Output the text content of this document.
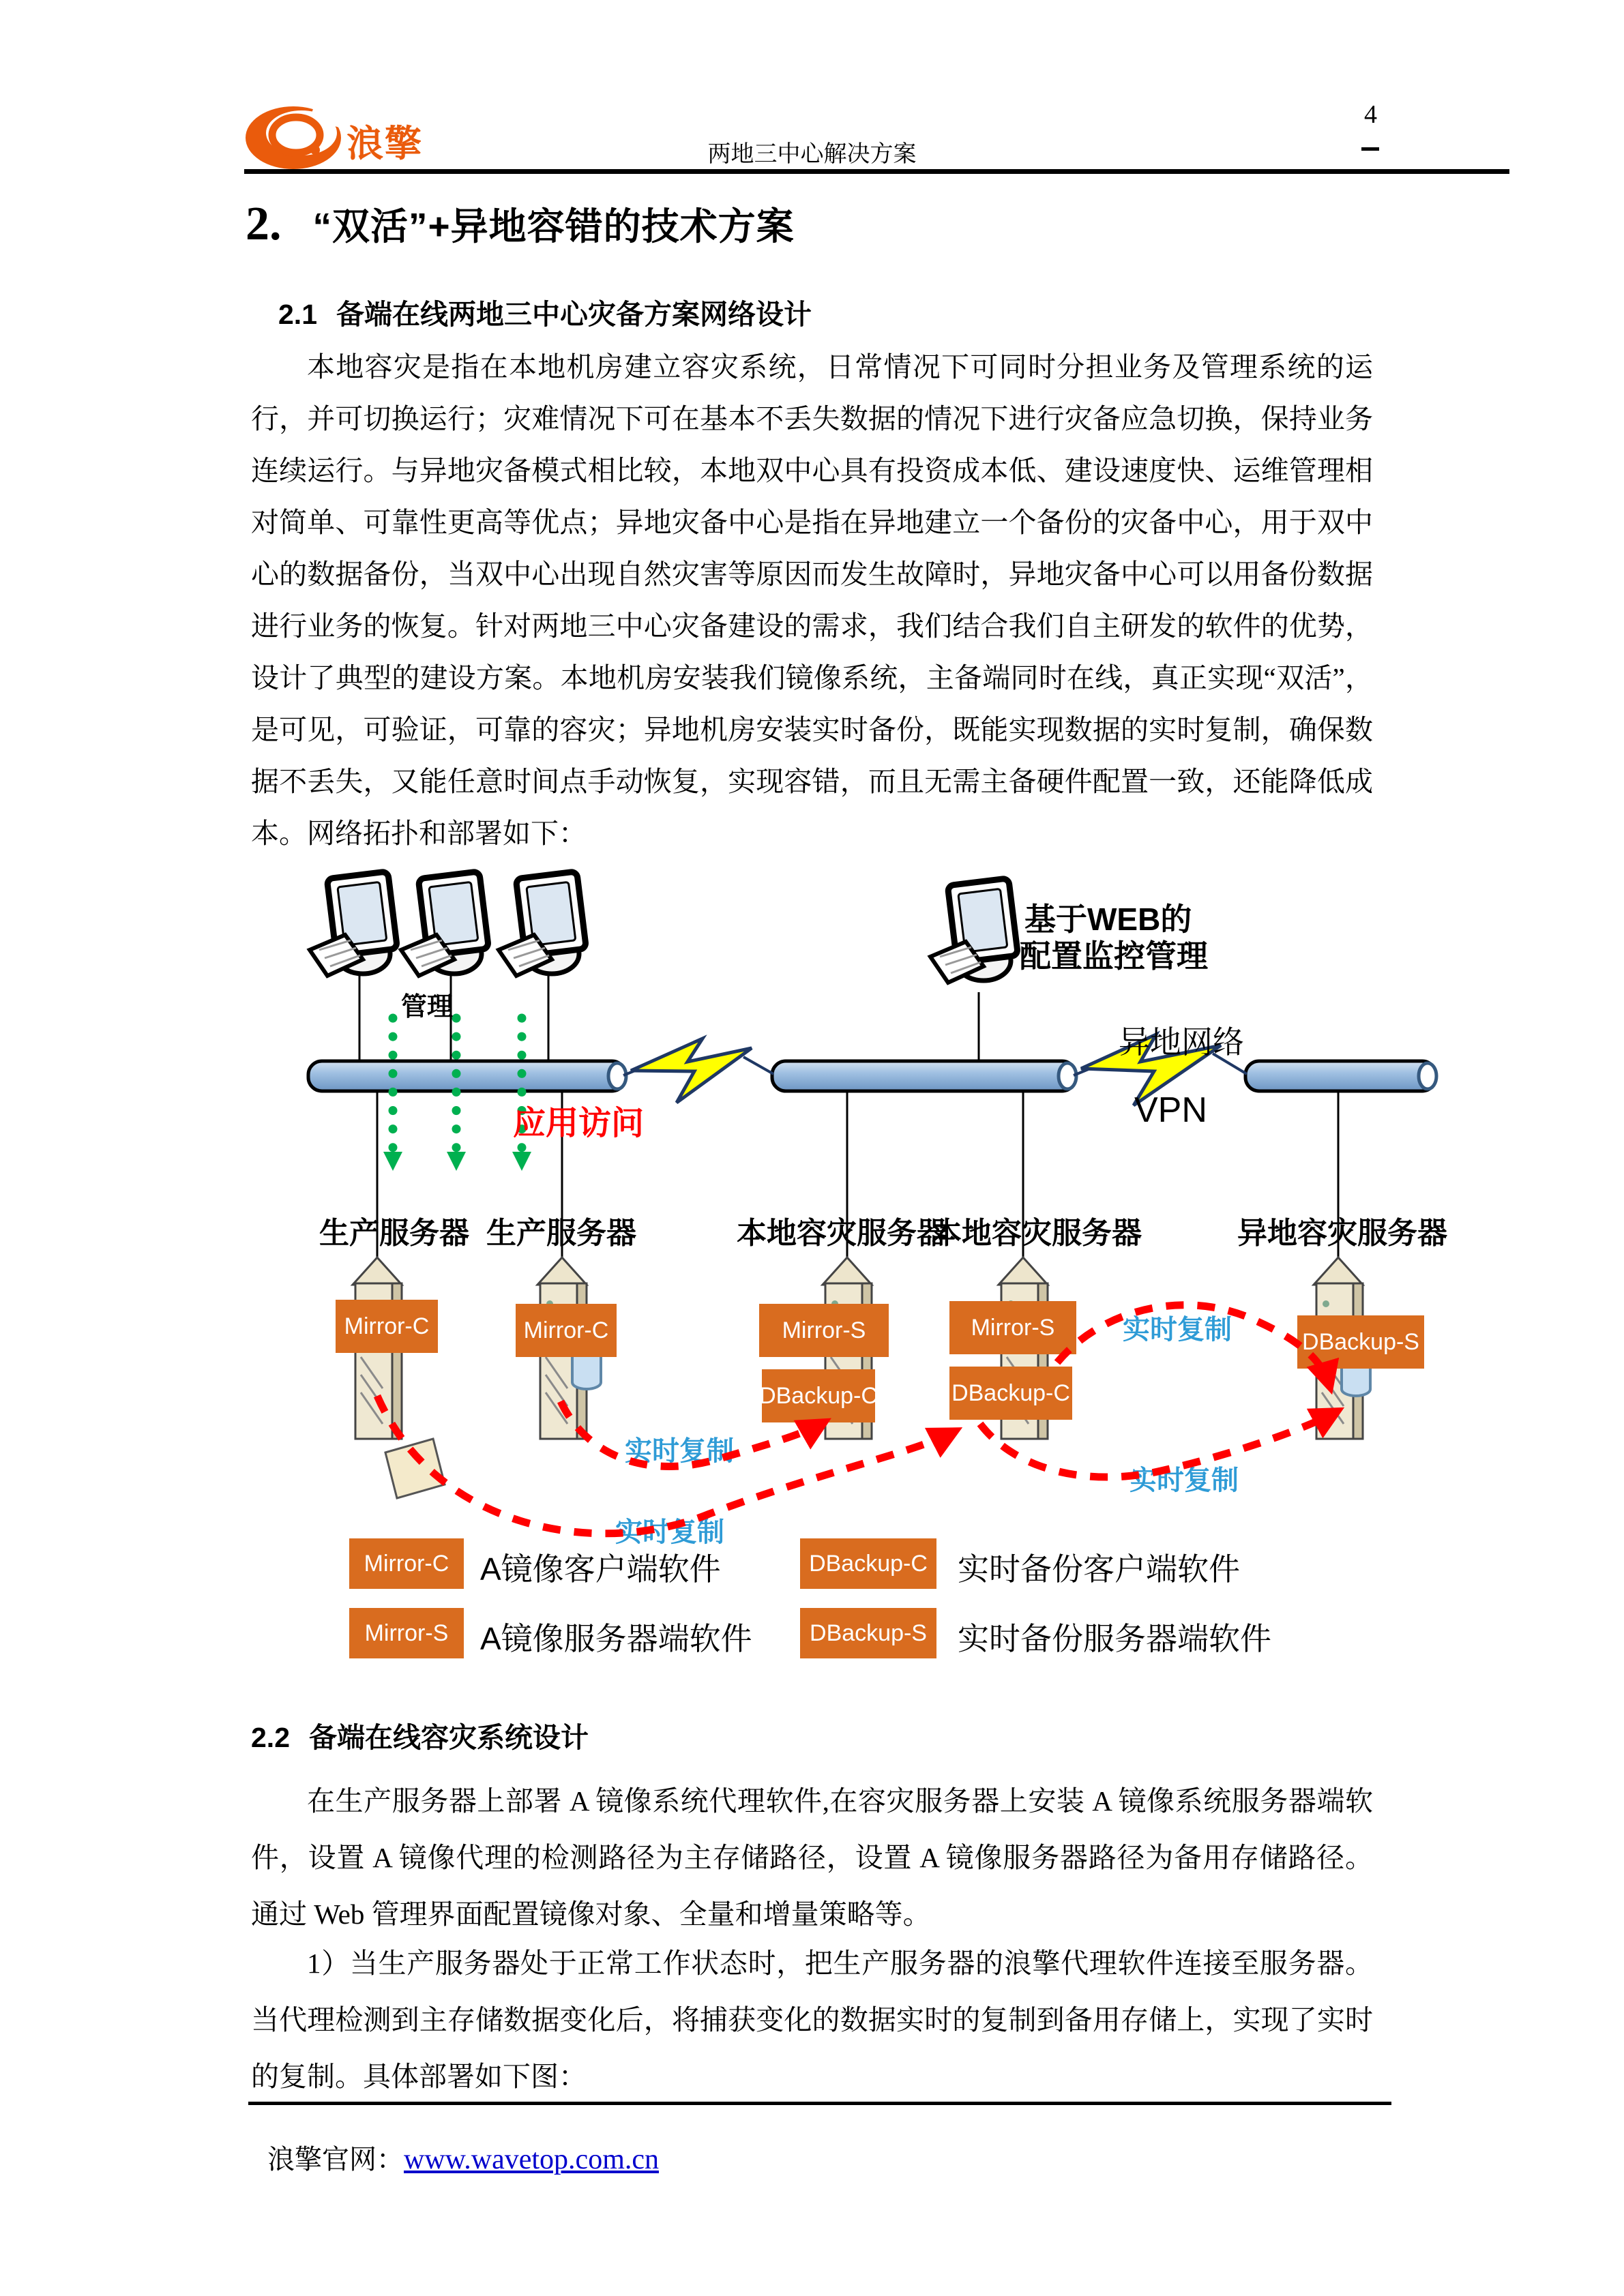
浪擎	两地三中心解决方案
4
2. “双活”+异地容错的技术方案
2.1 备端在线两地三中心灾备方案网络设计
本地容灾是指在本地机房建立容灾系统，日常情况下可同时分担业务及管理系统的运行，并可切换运行；灾难情况下可在基本不丢失数据的情况下进行灾备应急切换，保持业务连续运行。与异地灾备模式相比较，本地双中心具有投资成本低、建设速度快、运维管理相对简单、可靠性更高等优点；异地灾备中心是指在异地建立一个备份的灾备中心，用于双中心的数据备份，当双中心出现自然灾害等原因而发生故障时，异地灾备中心可以用备份数据进行业务的恢复。针对两地三中心灾备建设的需求，我们结合我们自主研发的软件的优势，设计了典型的建设方案。本地机房安装我们镜像系统，主备端同时在线，真正实现“双活”，是可见，可验证，可靠的容灾；异地机房安装实时备份，既能实现数据的实时复制，确保数据不丢失，又能任意时间点手动恢复，实现容错，而且无需主备硬件配置一致，还能降低成本。网络拓扑和部署如下：
管理
基于WEB的
配置监控管理
异地网络
VPN
应用访问
生产服务器 生产服务器	本地容灾服务器
本地容灾服务器	异地容灾服务器
Mirror-C	Mirror-C	Mirror-S	Mirror-S
DBackup-S
DBackup-C	DBackup-C
实时复制
实时复制
实时复制
实时复制
Mirror-C A镜像客户端软件	DBackup-C 实时备份客户端软件
Mirror-S	A镜像服务器端软件	DBackup-S 实时备份服务器端软件
2.2 备端在线容灾系统设计
在生产服务器上部署 A 镜像系统代理软件,在容灾服务器上安装 A 镜像系统服务器端软件，设置 A 镜像代理的检测路径为主存储路径，设置 A 镜像服务器路径为备用存储路径。通过 Web 管理界面配置镜像对象、全量和增量策略等。
1）当生产服务器处于正常工作状态时，把生产服务器的浪擎代理软件连接至服务器。当代理检测到主存储数据变化后，将捕获变化的数据实时的复制到备用存储上，实现了实时的复制。具体部署如下图：
浪擎官网：www.wavetop.com.cn
